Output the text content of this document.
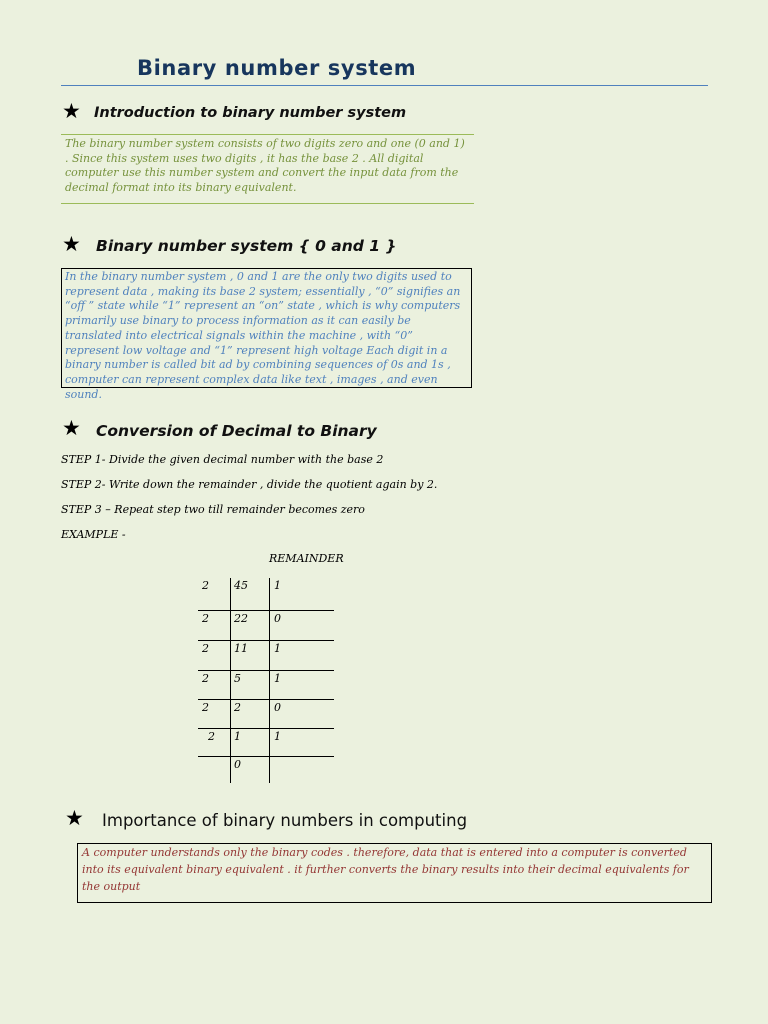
Binary number system
★ Introduction to binary number system
The binary number system consists of two digits zero and one (0 and 1) . Since this system uses two digits , it has the base 2 . All digital computer use this number system and convert the input data from the decimal format into its binary equivalent.
★ Binary number system { 0 and 1 }
In the binary number system , 0 and 1 are the only two digits used to represent data , making its base 2 system; essentially , “0” signifies an “off ” state while “1” represent an “on” state , which is why computers primarily use binary to process information as it can easily be translated into electrical signals within the machine , with “0” represent low voltage and “1” represent high voltage Each digit in a binary number is called bit ad by combining sequences of 0s and 1s , computer can represent complex data like text , images , and even sound.
★ Conversion of Decimal to Binary
STEP 1- Divide the given decimal number with the base 2
STEP 2- Write down the remainder , divide the quotient again by 2.
STEP 3 – Repeat step two till remainder becomes zero
EXAMPLE -
REMAINDER
2 45 1
2 22 0
2 11 1
2 5	1
2 2	0
2 1	1
0
★ Importance of binary numbers in computing
A computer understands only the binary codes . therefore, data that is entered into a computer is converted into its equivalent binary equivalent . it further converts the binary results into their decimal equivalents for the output
